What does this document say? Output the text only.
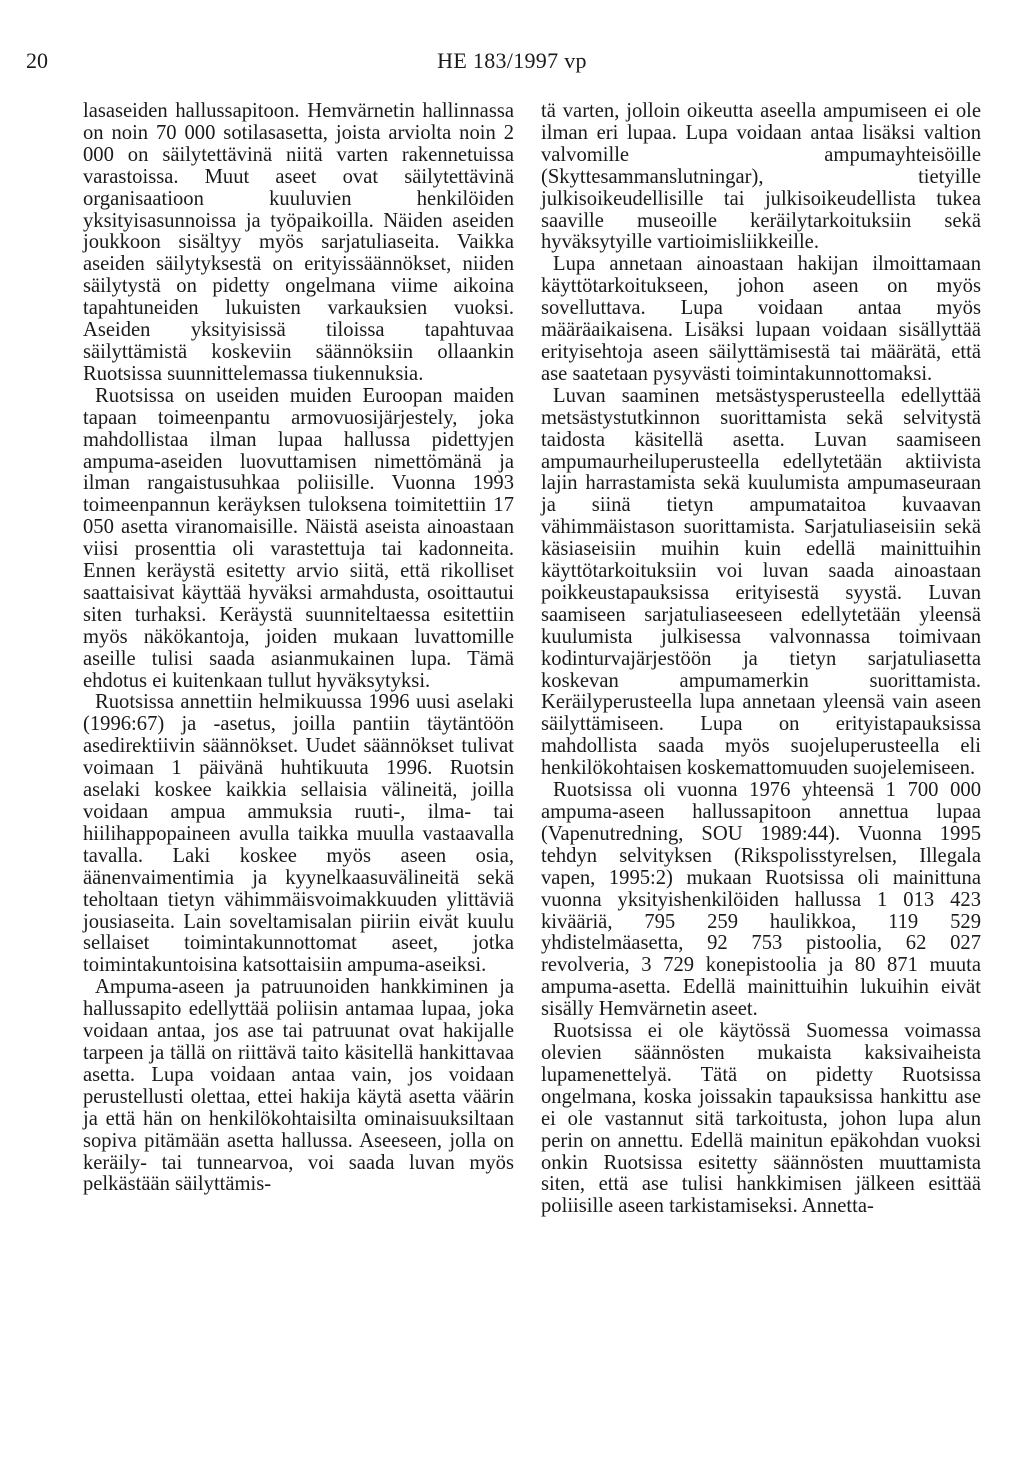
20	HE 183/1997 vp

lasaseiden hallussapitoon. Hemvärnetin hallinnassa on noin 70 000 sotilasasetta, joista arviolta noin 2 000 on säilytettävinä niitä varten rakennetuissa varastoissa. Muut aseet ovat säilytettävinä organisaatioon kuuluvien henkilöiden yksityisasunnoissa ja työpaikoilla. Näiden aseiden joukkoon sisältyy myös sarjatuliaseita. Vaikka aseiden säilytyksestä on erityissäännökset, niiden säilytystä on pidetty ongelmana viime aikoina tapahtuneiden lukuisten varkauksien vuoksi. Aseiden yksityisissä tiloissa tapahtuvaa säilyttämistä koskeviin säännöksiin ollaankin Ruotsissa suunnittelemassa tiukennuksia.

Ruotsissa on useiden muiden Euroopan maiden tapaan toimeenpantu armovuosijärjestely, joka mahdollistaa ilman lupaa hallussa pidettyjen ampuma-aseiden luovuttamisen nimettömänä ja ilman rangaistusuhkaa poliisille. Vuonna 1993 toimeenpannun keräyksen tuloksena toimitettiin 17 050 asetta viranomaisille. Näistä aseista ainoastaan viisi prosenttia oli varastettuja tai kadonneita. Ennen keräystä esitetty arvio siitä, että rikolliset saattaisivat käyttää hyväksi armahdusta, osoittautui siten turhaksi. Keräystä suunniteltaessa esitettiin myös näkökantoja, joiden mukaan luvattomille aseille tulisi saada asianmukainen lupa. Tämä ehdotus ei kuitenkaan tullut hyväksytyksi.

Ruotsissa annettiin helmikuussa 1996 uusi aselaki (1996:67) ja -asetus, joilla pantiin täytäntöön asedirektiivin säännökset. Uudet säännökset tulivat voimaan 1 päivänä huhtikuuta 1996. Ruotsin aselaki koskee kaikkia sellaisia välineitä, joilla voidaan ampua ammuksia ruuti-, ilma- tai hiilihappopaineen avulla taikka muulla vastaavalla tavalla. Laki koskee myös aseen osia, äänenvaimentimia ja kyynelkaasuvälineitä sekä teholtaan tietyn vähimmäisvoimakkuuden ylittäviä jousiaseita. Lain soveltamisalan piiriin eivät kuulu sellaiset toimintakunnottomat aseet, jotka toimintakuntoisina katsottaisiin ampuma-aseiksi.

Ampuma-aseen ja patruunoiden hankkiminen ja hallussapito edellyttää poliisin antamaa lupaa, joka voidaan antaa, jos ase tai patruunat ovat hakijalle tarpeen ja tällä on riittävä taito käsitellä hankittavaa asetta. Lupa voidaan antaa vain, jos voidaan perustellusti olettaa, ettei hakija käytä asetta väärin ja että hän on henkilökohtaisilta ominaisuuksiltaan sopiva pitämään asetta hallussa. Aseeseen, jolla on keräily- tai tunnearvoa, voi saada luvan myös pelkästään säilyttämis-

tä varten, jolloin oikeutta aseella ampumiseen ei ole ilman eri lupaa. Lupa voidaan antaa lisäksi valtion valvomille ampumayhteisöille (Skyttesammanslutningar), tietyille julkisoikeudellisille tai julkisoikeudellista tukea saaville museoille keräilytarkoituksiin sekä hyväksytyille vartioimisliikkeille.

Lupa annetaan ainoastaan hakijan ilmoittamaan käyttötarkoitukseen, johon aseen on myös sovelluttava. Lupa voidaan antaa myös määräaikaisena. Lisäksi lupaan voidaan sisällyttää erityisehtoja aseen säilyttämisestä tai määrätä, että ase saatetaan pysyvästi toimintakunnottomaksi.

Luvan saaminen metsästysperusteella edellyttää metsästystutkinnon suorittamista sekä selvitystä taidosta käsitellä asetta. Luvan saamiseen ampumaurheiluperusteella edellytetään aktiivista lajin harrastamista sekä kuulumista ampumaseuraan ja siinä tietyn ampumataitoa kuvaavan vähimmäistason suorittamista. Sarjatuliaseisiin sekä käsiaseisiin muihin kuin edellä mainittuihin käyttötarkoituksiin voi luvan saada ainoastaan poikkeustapauksissa erityisestä syystä. Luvan saamiseen sarjatuliaseeseen edellytetään yleensä kuulumista julkisessa valvonnassa toimivaan kodinturvajärjestöön ja tietyn sarjatuliasetta koskevan ampumamerkin suorittamista. Keräilyperusteella lupa annetaan yleensä vain aseen säilyttämiseen. Lupa on erityistapauksissa mahdollista saada myös suojeluperusteella eli henkilökohtaisen koskemattomuuden suojelemiseen.

Ruotsissa oli vuonna 1976 yhteensä 1 700 000 ampuma-aseen hallussapitoon annettua lupaa (Vapenutredning, SOU 1989:44). Vuonna 1995 tehdyn selvityksen (Rikspolisstyrelsen, Illegala vapen, 1995:2) mukaan Ruotsissa oli mainittuna vuonna yksityishenkilöiden hallussa 1 013 423 kivääriä, 795 259 haulikkoa, 119 529 yhdistelmäasetta, 92 753 pistoolia, 62 027 revolveria, 3 729 konepistoolia ja 80 871 muuta ampuma-asetta. Edellä mainittuihin lukuihin eivät sisälly Hemvärnetin aseet.

Ruotsissa ei ole käytössä Suomessa voimassa olevien säännösten mukaista kaksivaiheista lupamenettelyä. Tätä on pidetty Ruotsissa ongelmana, koska joissakin tapauksissa hankittu ase ei ole vastannut sitä tarkoitusta, johon lupa alun perin on annettu. Edellä mainitun epäkohdan vuoksi onkin Ruotsissa esitetty säännösten muuttamista siten, että ase tulisi hankkimisen jälkeen esittää poliisille aseen tarkistamiseksi. Annetta-
